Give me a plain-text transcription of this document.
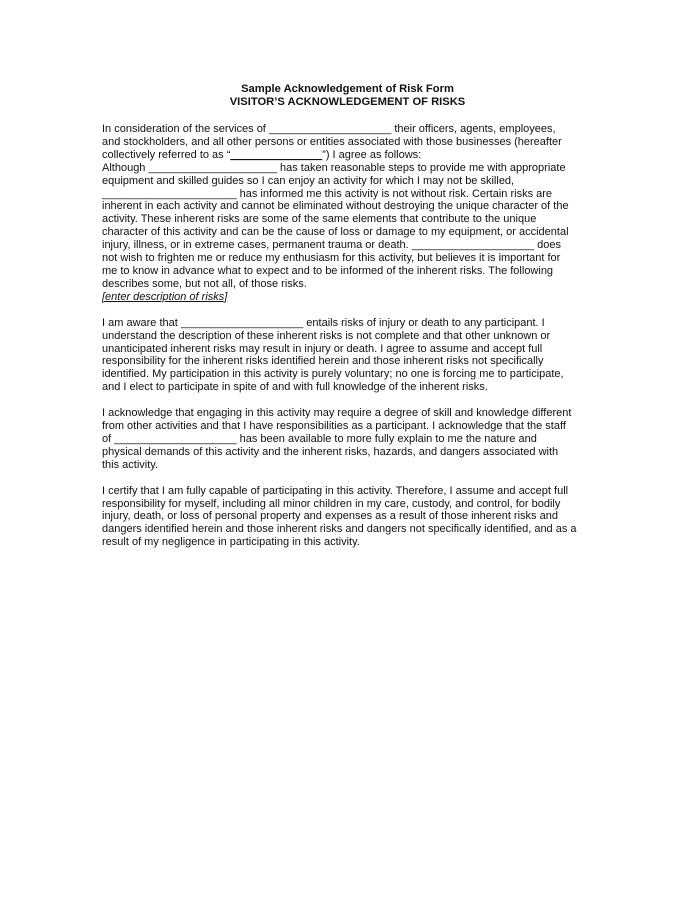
Sample Acknowledgement of Risk Form
VISITOR’S ACKNOWLEDGEMENT OF RISKS

In consideration of the services of ____________________ their officers, agents, employees,

and stockholders, and all other persons or entities associated with those businesses (hereafter

collectively referred to as “_______________”) I agree as follows:

Although _____________________ has taken reasonable steps to provide me with appropriate

equipment and skilled guides so I can enjoy an activity for which I may not be skilled,

______________________ has informed me this activity is not without risk. Certain risks are

inherent in each activity and cannot be eliminated without destroying the unique character of the

activity. These inherent risks are some of the same elements that contribute to the unique

character of this activity and can be the cause of loss or damage to my equipment, or accidental

injury, illness, or in extreme cases, permanent trauma or death. ____________________ does

not wish to frighten me or reduce my enthusiasm for this activity, but believes it is important for

me to know in advance what to expect and to be informed of the inherent risks. The following

describes some, but not all, of those risks.

[enter description of risks]

I am aware that ____________________ entails risks of injury or death to any participant. I

understand the description of these inherent risks is not complete and that other unknown or

unanticipated inherent risks may result in injury or death. I agree to assume and accept full

responsibility for the inherent risks identified herein and those inherent risks not specifically

identified. My participation in this activity is purely voluntary; no one is forcing me to participate,

and I elect to participate in spite of and with full knowledge of the inherent risks.

I acknowledge that engaging in this activity may require a degree of skill and knowledge different

from other activities and that I have responsibilities as a participant. I acknowledge that the staff

of ____________________ has been available to more fully explain to me the nature and

physical demands of this activity and the inherent risks, hazards, and dangers associated with

this activity.

I certify that I am fully capable of participating in this activity. Therefore, I assume and accept full

responsibility for myself, including all minor children in my care, custody, and control, for bodily

injury, death, or loss of personal property and expenses as a result of those inherent risks and

dangers identified herein and those inherent risks and dangers not specifically identified, and as a

result of my negligence in participating in this activity.
